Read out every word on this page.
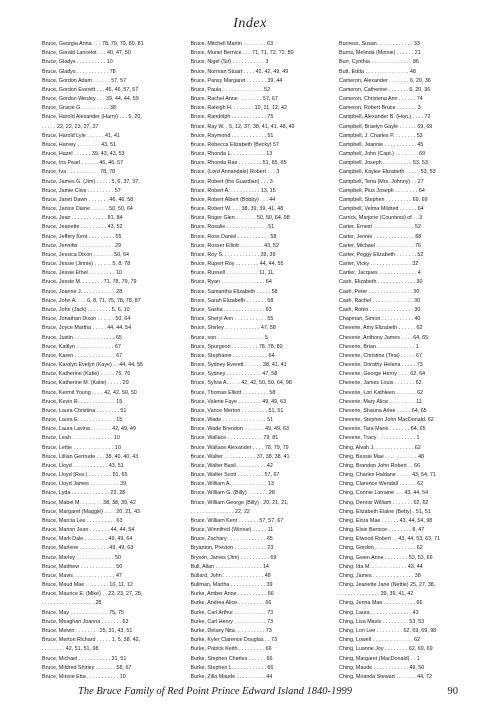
Index
Bruce, Georgia Anna . . . 78, 79, 79, 80, 81
Bruce, Gerald Lancelot . . . 40, 47, 50
Bruce, Gladys . . . . . . . . . . 10
Bruce, Gladys . . . . . . . . . . . 78
Bruce, Gordon Adam . . . . . . 57, 57
Bruce, Gordon Everett . . . 46, 46, 57, 57
Bruce, Gordon Wesley . . . 39, 44, 44, 59
Bruce, Gracie G. . . . . . . . . . 38
Bruce, Harold Alexander (Harry) . . . 5, 20,
. . . . . 22, 22, 23, 27, 37
Bruce, Harold Lyle . . . . . . 41, 41
Bruce, Harvey . . . . . . . . 43, 51
Bruce, Hazel . . . . . . 39, 43, 43, 53
Bruce, Iris Pearl . . . . . . 46, 46, 57
Bruce, Iva . . . . . . . . . . . 78, 78
Bruce, James G. (Jim) . . . . . 5, 6, 37, 37,
Bruce, Jamie Clive . . . . . . . . . 57
Bruce, Janet Dawn . . . . . . . 46, 46, 58
Bruce, Janice Diane . . . . . . 50, 50, 64
Bruce, Jean . . . . . . . . . . . . 81, 84
Bruce, Jeanette . . . . . . . . . 43, 52
Bruce, Jeffery Kent . . . . . . . . . 55
Bruce, Jennifer . . . . . . . . . . . . 29
Bruce, Jessica Dixon . . . . . . . 50, 64
Bruce, Jessie (Jinnie) . . . . . . 5, 8, 78
Bruce, Jessie Ethel . . . . . . . . . 10
Bruce, Jessie M. . . . . . . . 71, 78, 79, 79
Bruce, Joanne J. . . . . . . . . . . . 28
Bruce, John A. . . . 6, 8, 71, 75, 78, 78, 87
Bruce, John (Jack) . . . . . . . . 5, 6, 10
Bruce, Jonathan Dixon . . . . . . 50, 64
Bruce, Joyce Martha . . . . . 44, 44, 54
Bruce, Justin . . . . . . . . . . . . . . 65
Bruce, Kaitlyn . . . . . . . . . . . . . 67
Bruce, Karen . . . . . . . . . . . . . . 67
Bruce, Karolyn Evelyn (Kaye) . . 44, 44, 55
Bruce, Katherine (Katie) . . . . . 75, 76
Bruce, Katherine M. (Katie) . . . . . 29
Bruce, Kermit Young . . . . 42, 42, 50, 50
Bruce, Kevin R. . . . . . . . . . . . . 15
Bruce, Laura Christina . . . . . . . . 51
Bruce, Laura E. . . . . . . . . . . . . 15
Bruce, Laura Lavina . . . . . . . 42, 49, 49
Bruce, Leah . . . . . . . . . . . . . . 10
Bruce, Lettie . . . . . . . . . . . . . . 10
Bruce, Lillian Gertrude . . . 38, 40, 40, 43
Bruce, Lloyd . . . . . . . . . . . . 43, 51
Bruce, Lloyd (Rev.) . . . . . . . . 51, 65
Bruce, Lloyd James . . . . . . . . . . 39
Bruce, Lyda . . . . . . . . . . . . . 23, 28
Bruce, Mabel M. . . . . . . . 38, 38, 39, 42
Bruce, Margaret (Maggie) . . . . 20, 21, 43
Bruce, Marcia Lee . . . . . . . . . . 63
Bruce, Marion Jean . . . . . . . 44, 44, 54
Bruce, Mark Dale . . . . . . . . 49, 49, 64
Bruce, Marlene . . . . . . . . . . 49, 49, 63
Bruce, Marley . . . . . . . . . . . . . 50
Bruce, Matthew . . . . . . . . . . . . 50
Bruce, Mavis . . . . . . . . . . . . . . 47
Bruce, Maud Mae . . . . . . . . 10, 11, 12
Bruce, Maurice E. (Mike) . . 22, 23, 27, 28,
. . . . . . . . . . . . . . . . . . 28
Bruce, May . . . . . . . . . . . . . 75, 75
Bruce, Meaghan Joanna . . . . . . . 63
Bruce, Melvin . . . . . . . . 25, 31, 43, 51
Bruce, Merton Richard . . . . . 1, 5, 38, 42,
. . . . . . . . 42, 51, 51, 98
Bruce, Michael . . . . . . . . . . . 31, 51
Bruce, Mildred Shirley . . . . . . . 58, 67
Bruce, Minnie Etta . . . . . . . . . . . 10
Bruce, Mitchell Martin . . . . . . . . 63
Bruce, Muriel Bernice . . . 71, 71, 72, 72, 80
Bruce, Nigel (Sir) . . . . . . . . . . . 3
Bruce, Norman Stuart . . . . 42, 42, 49, 49
Bruce, Pansy Margaret . . . . . . . 39, 44
Bruce, Paula . . . . . . . . . . . . . . 52
Bruce, Rachel Anne . . . . . . . . 57, 67
Bruce, Raleigh H. . . . . . . . 10, 11, 12, 42
Bruce, Randolph . . . . . . . . . . . . 75
Bruce, Ray W. . 5, 12, 37, 38, 41, 41, 48, 49
Bruce, Raymond . . . . . . . . . . . . 51
Bruce, Rebecca Elizabeth (Becky) 57
Bruce, Rhonda L. . . . . . . . . . . . 13
Bruce, Rhonda Rae . . . . . . . . 51, 65, 65
Bruce, (Lord Annandale) Robert . . . 3
Bruce, Robert (the Guardian) . . . 3
Bruce, Robert A. . . . . . . . . . . 13, 15
Bruce, Robert Albert (Bobby) . . . 44
Bruce, Robert W. . . . 38, 39, 39, 41, 48
Bruce, Roger Glen . . . . . . . 50, 50, 64, 98
Bruce, Rosalie . . . . . . . . . . . . . . 51
Bruce, Ross Daniel . . . . . . . . . . . 58
Bruce, Rosser Elliott . . . . . . . . 43, 52
Bruce, Roy S. . . . . . . . . . . . . 39, 39
Bruce, Rupert Roy . . . . . . . . 44, 44, 55
Bruce, Russell . . . . . . . . . . . 11, 11,
Bruce, Ryan . . . . . . . . . . . . . . . 64
Bruce, Samantha Elizabeth . . . . . 58
Bruce, Sarah Elizabeth . . . . . . . 58
Bruce, Sasha . . . . . . . . . . . . . . 63
Bruce, Sheryl Ann . . . . . . . . . . . 55
Bruce, Shirley . . . . . . . . . . . . 47, 58
Bruce, son . . . . . . . . . . . . . . . . 5
Bruce, Spurgeon . . . . . . . . . 78, 78, 80
Bruce, Stephanie . . . . . . . . . . . . 64
Bruce, Sydney Everett . . . . . . 38, 41, 41
Bruce, Sydney . . . . . . . . . . . . 47, 58
Bruce, Sylvia A. . . . . 42, 42, 50, 50, 64, 98
Bruce, Thomas Elliott . . . . . . . . . 58
Bruce, Valerie Faye . . . . . . . . 49, 49, 63
Bruce, Vance Merton . . . . . . . . . 51, 51
Bruce, Wade . . . . . . . . . . . . . . . 51
Bruce, Wade Brendon . . . . . . . 49, 49, 63
Bruce, Wallace . . . . . . . . . . . . 79, 81
Bruce, Wallace Alexander . . . . 78, 79, 79
Bruce, Walter . . . . . . . . . . . 37, 38, 38, 41
Bruce, Walter Basil . . . . . . . . . . 42
Bruce, Walter Scott . . . . . . . . . 57, 67
Bruce, William A. . . . . . . . . . . . . 13
Bruce, William G. (Billy) . . . . . . . 28
Bruce, William George (Billy) . 20, 21, 21,
. . . . . . . . . . . . . . . 22, 22
Bruce, William Kent . . . . . . . 57, 57, 67
Bruce, Winnifred (Winnie) . . . . . 11
Bruce, Zachary . . . . . . . . . . . . . 65
Bryanton, Preston . . . . . . . . . . . 23
Bryson, James (Jim) . . . . . . . . . . 69
Bull, Allan . . . . . . . . . . . . . . . . 14
Bullard, John . . . . . . . . . . . . . . 48
Bullman, Martha . . . . . . . . . . . . 39
Burke, Amber Anne . . . . . . . . . . 66
Burke, Andrea Alice . . . . . . . . . 66
Burke, Carl Arthur . . . . . . . . . . . 73
Burke, Carl Henry . . . . . . . . . . . 73
Burke, Delsey Nita . . . . . . . . . . 73
Burke, Kyler Clarence Douglas . . 73
Burke, Patrick Keith . . . . . . . . . 66
Burke, Stephen Charles . . . . . . 66
Burke, Stephen L. . . . . . . . . . . . 66
Burke, Zilla Maude . . . . . . . . . . 44
Burness, Susan . . . . . . . . . . . . 33
Burns, Melinda (Minnie) . . . . . . 21
Burr, Cynthia . . . . . . . . . . . . . . 86
Butt, Edda . . . . . . . . . . . . . . . 48
Cameron, Alexander . . . . . . . 6, 20, 36
Cameron, Catherine . . . . . . . 6, 20, 36
Cameron, Christena Ann . . . . . . 74
Cameron, Robert Bruce . . . . . . . 3
Campbell, Alexander B. (Hon.) . . . . 72
Campbell, Braelyn Gayle . . . . . . 69, 69
Campbell, J. Charles P. . . . . . . . 53
Campbell, Jeannie . . . . . . . . . . . 45
Campbell, John (Capt.) . . . . . . . . 69
Campbell, Joseph . . . . . . . . . . 53, 53
Campbell, Kaylee Elizabeth . . . . . 53, 53
Campbell, Tena (Mrs. Johnny) . . 27
Campbell, Pius Joseph . . . . . . . . 64
Campbell, Stephen . . . . . . . . . 69, 69
Campbell, Velma Mildred . . . . . . 64
Carrick, Marjorie (Countess) of . . 3
Carter, Ernest . . . . . . . . . . . . . . 52
Carter, Jennie . . . . . . . . . . . . . . 68
Carter, Michael . . . . . . . . . . . . . 76
Carter, Peggy Elizabeth . . . . . . . 52
Carter, Vicky . . . . . . . . . . . . . . 32
Cartier, Jacques . . . . . . . . . . . . . 4
Cash, Elizabeth . . . . . . . . . . . . . 30
Cash, Peter . . . . . . . . . . . . . . . 30
Cash, Rachel . . . . . . . . . . . . . . 30
Cash, Robin . . . . . . . . . . . . . . . 30
Chapman, Simon . . . . . . . . . . . 40
Cheverie, Amy Elizabeth . . . . . . 62
Cheverie, Anthony James . . . . 64, 65
Cheverie, Brian . . . . . . . . . . . . . 1
Cheverie, Christine (Tina) . . . . . 67
Cheverie, Dorothy Helena . . . . . 73
Cheverie, George Henry . . . . 62, 64
Cheverie, James Louis . . . . . . . 62
Cheverie, Lori Kathleen . . . . . . . 62
Cheverie, Mary Alice . . . . . . . . . 11
Cheverie, Shauna Arlee . . . . . 64, 65
Cheverie, Stephen John MacDonald. 62
Cheverie, Tara Marie . . . . . . . 64, 65
Cheverie, Tracy . . . . . . . . . . . . . 1
Ching, Alvah J. . . . . . . . . . . . . . 62
Ching, Bessie Mae . . . . . . . . . . . 48
Ching, Brandon John Robert . . 66
Ching, Charles Haldane . . . . . 43, 54, 71
Ching, Clarence Wendall . . . . . . 62
Ching, Connie Lorraine . . . 43, 44, 54
Ching, Dennis William . . . . . . . 62, 62
Ching, Elizabeth Elaine (Betty) . 51, 51
Ching, Elora Mae . . . . . . 43, 44, 54, 98
Ching, Elsie Bernice . . . . . . . . 8, 47
Ching, Elwood Robert . . 43, 44, 53, 63, 71
Ching, Gordon . . . . . . . . . . . . . . 62
Ching, Gwen Anne . . . . . . . . 53, 53, 66
Ching, Ida M. . . . . . . . . . . . . 43, 44
Ching, James . . . . . . . . . . . . . . 38
Ching, Jeanette Jane (Nettie) 25, 27, 38,
. . . . . . . . . . . . . . 39, 39, 41, 42
Ching, Jenna Mae . . . . . . . . . . . 66
Ching, Laura . . . . . . . . . . . . . . 43
Ching, Lisa Mavis . . . . . . . . . 53, 53
Ching, Lori Lee . . . . . . . . . 62, 69, 69, 98
Ching, Lowell . . . . . . . . . . . . . . 62
Ching, Luanne Joy . . . . . . . . 62, 69, 69
Ching, Margaret (MacDonald) . . 1
Ching, Maude . . . . . . . . . . . . 49, 50
Ching, Miranda Stewart . . . . . . . 44, 72
The Bruce Family of Red Point Prince Edward Island 1840-1999	90
